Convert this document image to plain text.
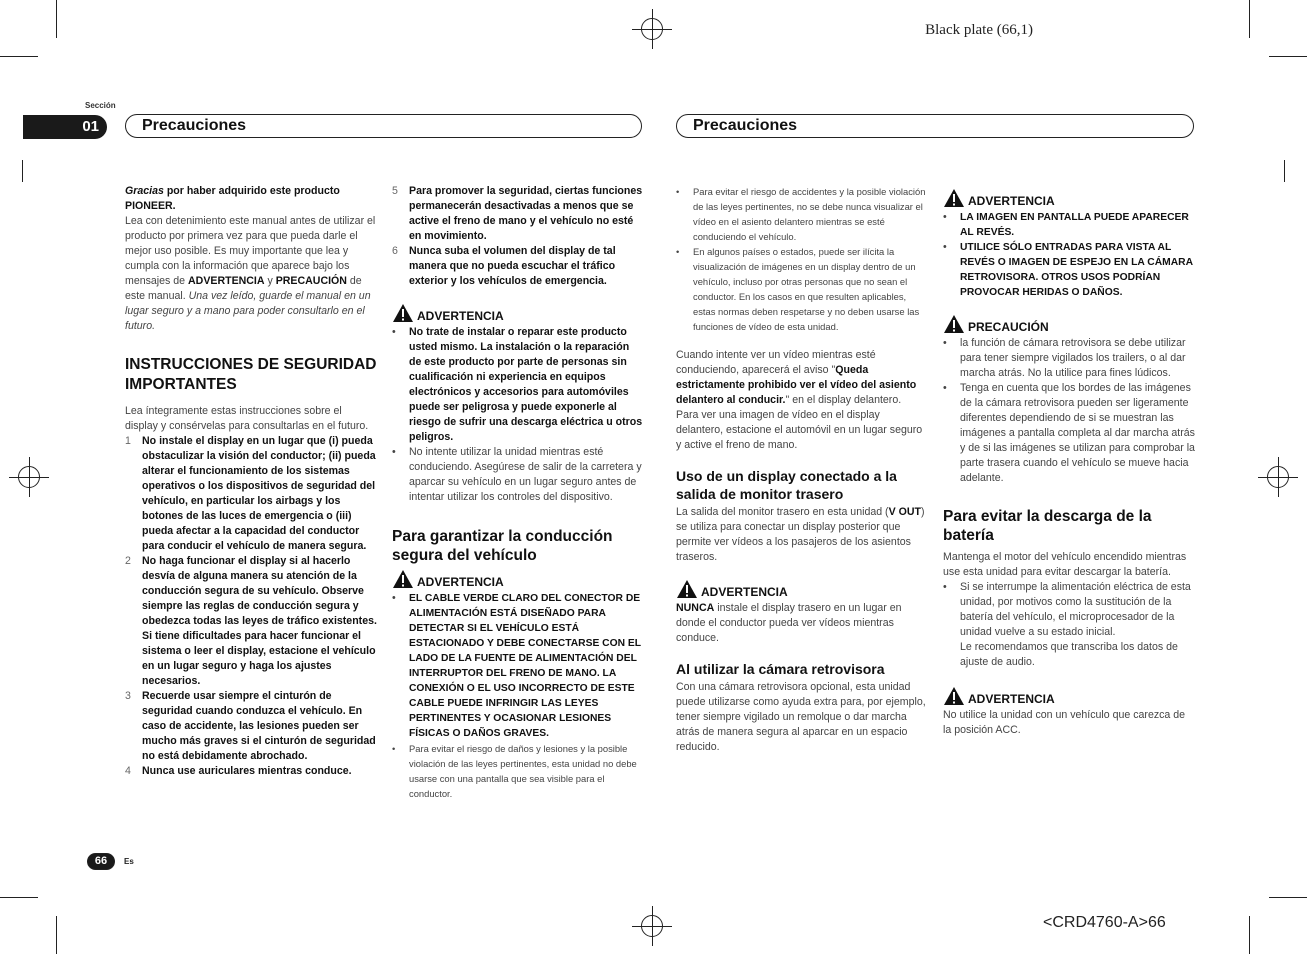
Black plate (66,1)
<CRD4760-A>66
Sección
01	Precauciones	Precauciones
66	Es

Gracias por haber adquirido este producto PIONEER.

Lea con detenimiento este manual antes de utilizar el producto por primera vez para que pueda darle el mejor uso posible. Es muy importante que lea y cumpla con la información que aparece bajo los mensajes de ADVERTENCIA y PRECAUCIÓN de este manual. Una vez leído, guarde el manual en un lugar seguro y a mano para poder consultarlo en el futuro.

INSTRUCCIONES DE SEGURIDAD IMPORTANTES

Lea íntegramente estas instrucciones sobre el display y consérvelas para consultarlas en el futuro.

1	No instale el display en un lugar que (i) pueda obstaculizar la visión del conductor; (ii) pueda alterar el funcionamiento de los sistemas operativos o los dispositivos de seguridad del vehículo, en particular los airbags y los botones de las luces de emergencia o (iii) pueda afectar a la capacidad del conductor para conducir el vehículo de manera segura.
2	No haga funcionar el display si al hacerlo desvía de alguna manera su atención de la conducción segura de su vehículo. Observe siempre las reglas de conducción segura y obedezca todas las leyes de tráfico existentes. Si tiene dificultades para hacer funcionar el sistema o leer el display, estacione el vehículo en un lugar seguro y haga los ajustes necesarios.
3	Recuerde usar siempre el cinturón de seguridad cuando conduzca el vehículo. En caso de accidente, las lesiones pueden ser mucho más graves si el cinturón de seguridad no está debidamente abrochado.
4	Nunca use auriculares mientras conduce.
5	Para promover la seguridad, ciertas funciones permanecerán desactivadas a menos que se active el freno de mano y el vehículo no esté en movimiento.
6	Nunca suba el volumen del display de tal manera que no pueda escuchar el tráfico exterior y los vehículos de emergencia.
ADVERTENCIA
•	No trate de instalar o reparar este producto usted mismo. La instalación o la reparación de este producto por parte de personas sin cualificación ni experiencia en equipos electrónicos y accesorios para automóviles puede ser peligrosa y puede exponerle al riesgo de sufrir una descarga eléctrica u otros peligros.
•	No intente utilizar la unidad mientras esté conduciendo. Asegúrese de salir de la carretera y aparcar su vehículo en un lugar seguro antes de intentar utilizar los controles del dispositivo.

Para garantizar la conducción segura del vehículo

ADVERTENCIA
•	EL CABLE VERDE CLARO DEL CONECTOR DE ALIMENTACIÓN ESTÁ DISEÑADO PARA DETECTAR SI EL VEHÍCULO ESTÁ ESTACIONADO Y DEBE CONECTARSE CON EL LADO DE LA FUENTE DE ALIMENTACIÓN DEL INTERRUPTOR DEL FRENO DE MANO. LA CONEXIÓN O EL USO INCORRECTO DE ESTE CABLE PUEDE INFRINGIR LAS LEYES PERTINENTES Y OCASIONAR LESIONES FÍSICAS O DAÑOS GRAVES.
•	Para evitar el riesgo de daños y lesiones y la posible violación de las leyes pertinentes, esta unidad no debe usarse con una pantalla que sea visible para el conductor.
•	Para evitar el riesgo de accidentes y la posible violación de las leyes pertinentes, no se debe nunca visualizar el vídeo en el asiento delantero mientras se esté conduciendo el vehículo.
•	En algunos países o estados, puede ser ilícita la visualización de imágenes en un display dentro de un vehículo, incluso por otras personas que no sean el conductor. En los casos en que resulten aplicables, estas normas deben respetarse y no deben usarse las funciones de vídeo de esta unidad.

Cuando intente ver un vídeo mientras esté conduciendo, aparecerá el aviso "Queda estrictamente prohibido ver el vídeo del asiento delantero al conducir." en el display delantero.

Para ver una imagen de vídeo en el display delantero, estacione el automóvil en un lugar seguro y active el freno de mano.

Uso de un display conectado a la salida de monitor trasero

La salida del monitor trasero en esta unidad (V OUT) se utiliza para conectar un display posterior que permite ver vídeos a los pasajeros de los asientos traseros.

ADVERTENCIA

NUNCA instale el display trasero en un lugar en donde el conductor pueda ver vídeos mientras conduce.

Al utilizar la cámara retrovisora

Con una cámara retrovisora opcional, esta unidad puede utilizarse como ayuda extra para, por ejemplo, tener siempre vigilado un remolque o dar marcha atrás de manera segura al aparcar en un espacio reducido.

ADVERTENCIA
•	LA IMAGEN EN PANTALLA PUEDE APARECER AL REVÉS.
•	UTILICE SÓLO ENTRADAS PARA VISTA AL REVÉS O IMAGEN DE ESPEJO EN LA CÁMARA RETROVISORA. OTROS USOS PODRÍAN PROVOCAR HERIDAS O DAÑOS.
PRECAUCIÓN
•	la función de cámara retrovisora se debe utilizar para tener siempre vigilados los trailers, o al dar marcha atrás. No la utilice para fines lúdicos.
•	Tenga en cuenta que los bordes de las imágenes de la cámara retrovisora pueden ser ligeramente diferentes dependiendo de si se muestran las imágenes a pantalla completa al dar marcha atrás y de si las imágenes se utilizan para comprobar la parte trasera cuando el vehículo se mueve hacia adelante.

Para evitar la descarga de la batería

Mantenga el motor del vehículo encendido mientras use esta unidad para evitar descargar la batería.

•	Si se interrumpe la alimentación eléctrica de esta unidad, por motivos como la sustitución de la batería del vehículo, el microprocesador de la unidad vuelve a su estado inicial.
Le recomendamos que transcriba los datos de ajuste de audio.
ADVERTENCIA

No utilice la unidad con un vehículo que carezca de la posición ACC.
